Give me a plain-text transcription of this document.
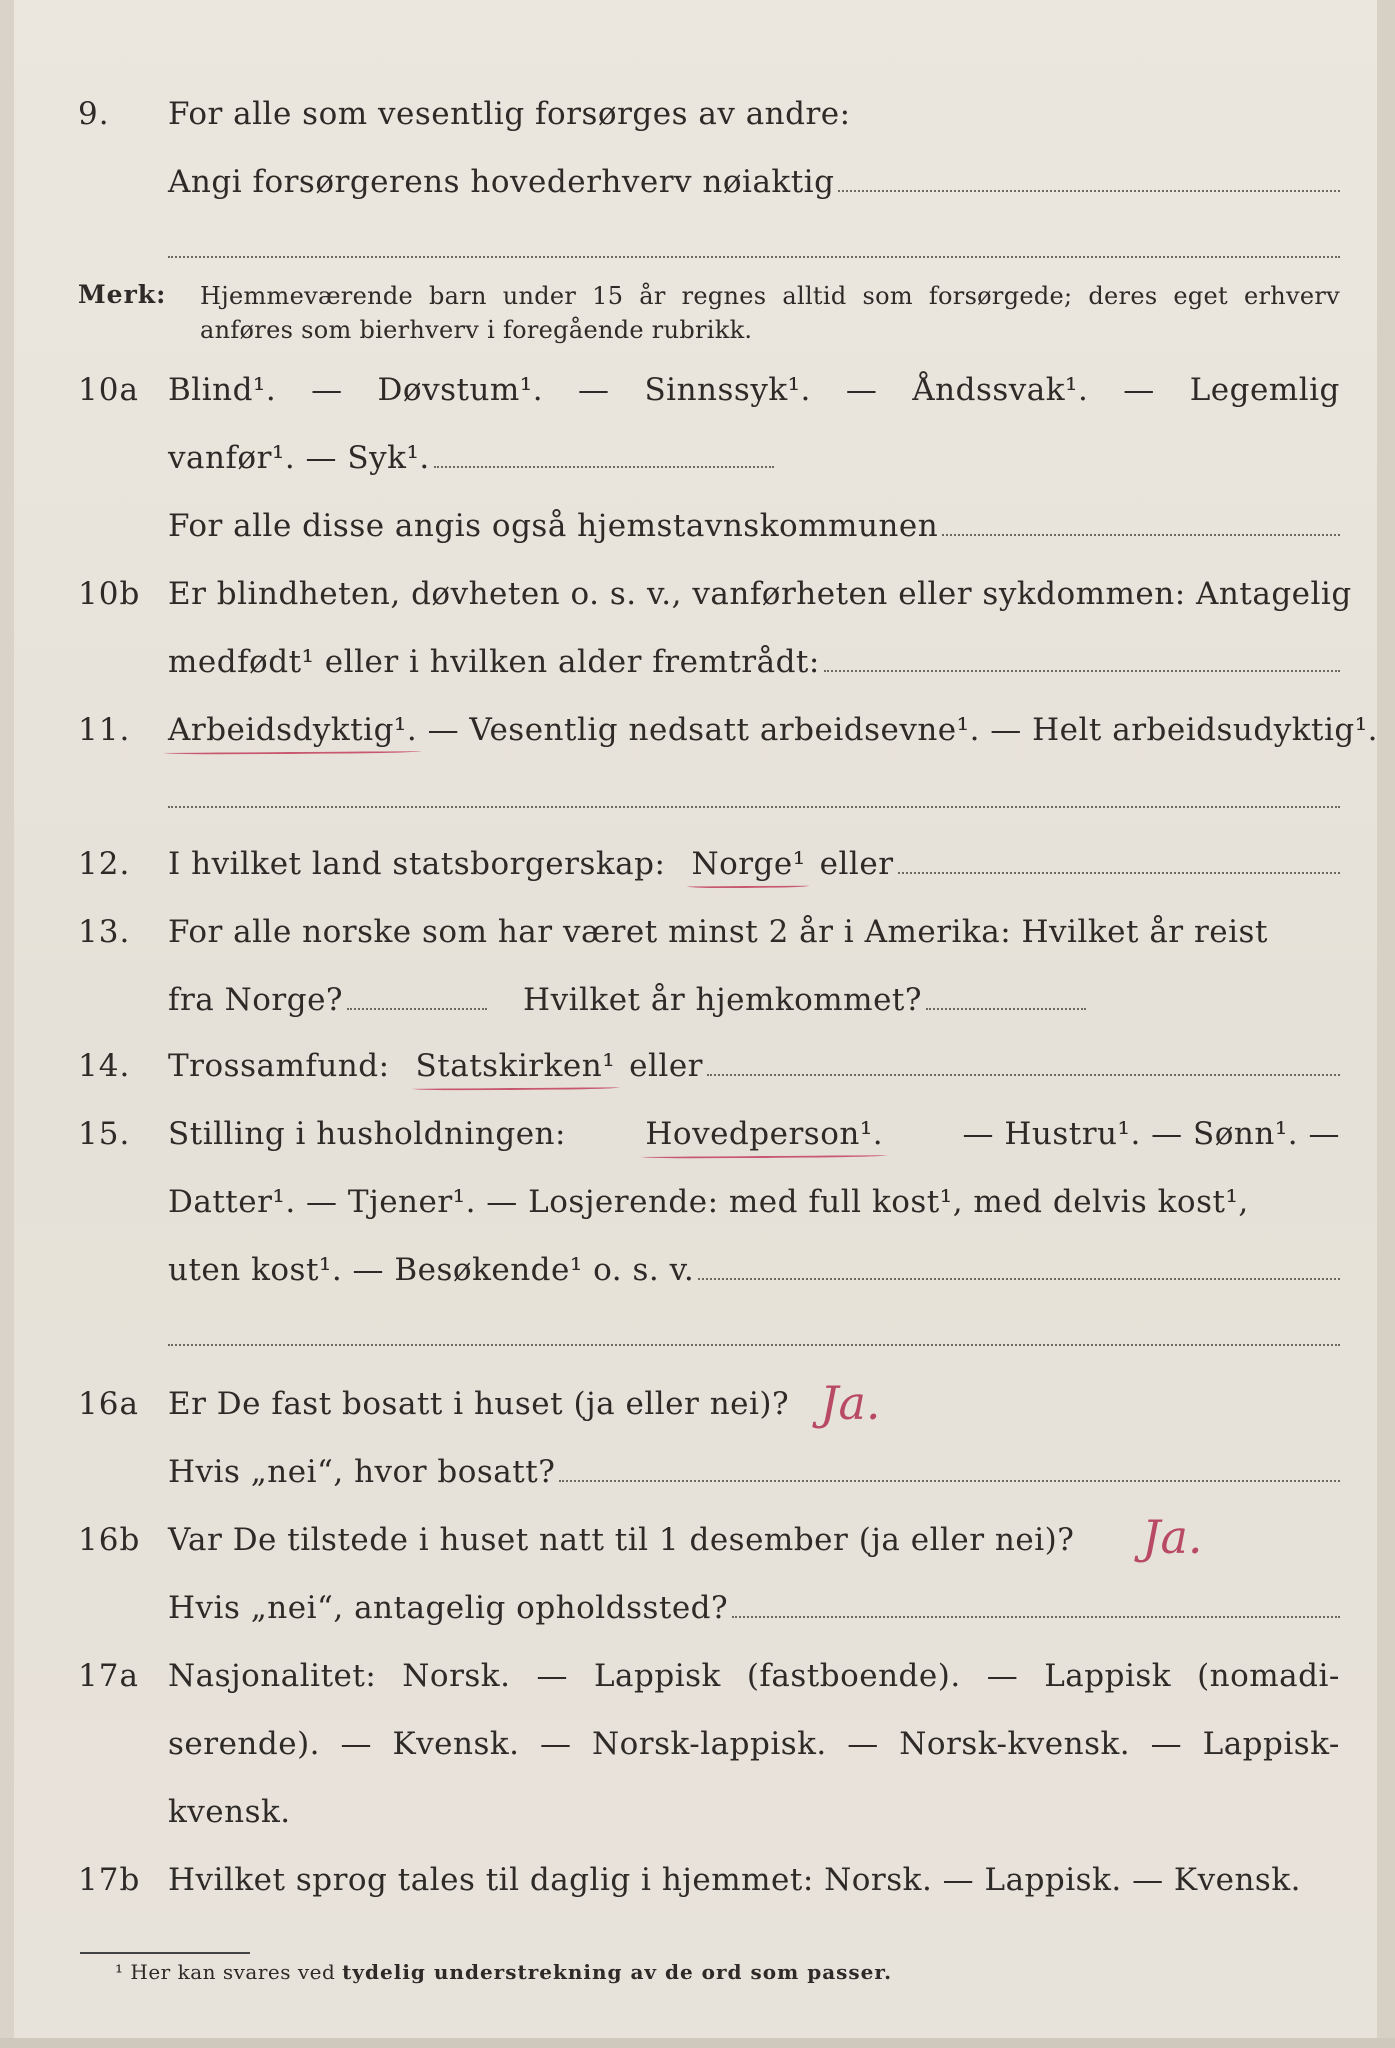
9. For alle som vesentlig forsørges av andre:
Angi forsørgerens hovederhverv nøiaktig
Merk: Hjemmeværende barn under 15 år regnes alltid som forsørgede; deres eget erhverv
anføres som bierhverv i foregående rubrikk.
10a Blind¹. — Døvstum¹. — Sinnssyk¹. — Åndssvak¹. — Legemlig
vanfør¹. — Syk¹.
For alle disse angis også hjemstavnskommunen
10b Er blindheten, døvheten o. s. v., vanførheten eller sykdommen: Antagelig
medfødt¹ eller i hvilken alder fremtrådt:
11. Arbeidsdyktig¹. — Vesentlig nedsatt arbeidsevne¹. — Helt arbeidsudyktig¹.
12. I hvilket land statsborgerskap: Norge¹ eller
13. For alle norske som har været minst 2 år i Amerika: Hvilket år reist
fra Norge?	Hvilket år hjemkommet?
14. Trossamfund: Statskirken¹ eller
15. Stilling i husholdningen:	Hovedperson¹.	— Hustru¹. — Sønn¹. —
Datter¹. — Tjener¹. — Losjerende: med full kost¹, med delvis kost¹,
uten kost¹. — Besøkende¹ o. s. v.
16a Er De fast bosatt i huset (ja eller nei)? Ja.
Hvis „nei“, hvor bosatt?
16b Var De tilstede i huset natt til 1 desember (ja eller nei)?	Ja.
Hvis „nei“, antagelig opholdssted?
17a Nasjonalitet: Norsk. — Lappisk (fastboende). — Lappisk (nomadi-
serende). — Kvensk. — Norsk-lappisk. — Norsk-kvensk. — Lappisk-
kvensk.
17b Hvilket sprog tales til daglig i hjemmet: Norsk. — Lappisk. — Kvensk.
¹ Her kan svares ved tydelig understrekning av de ord som passer.
